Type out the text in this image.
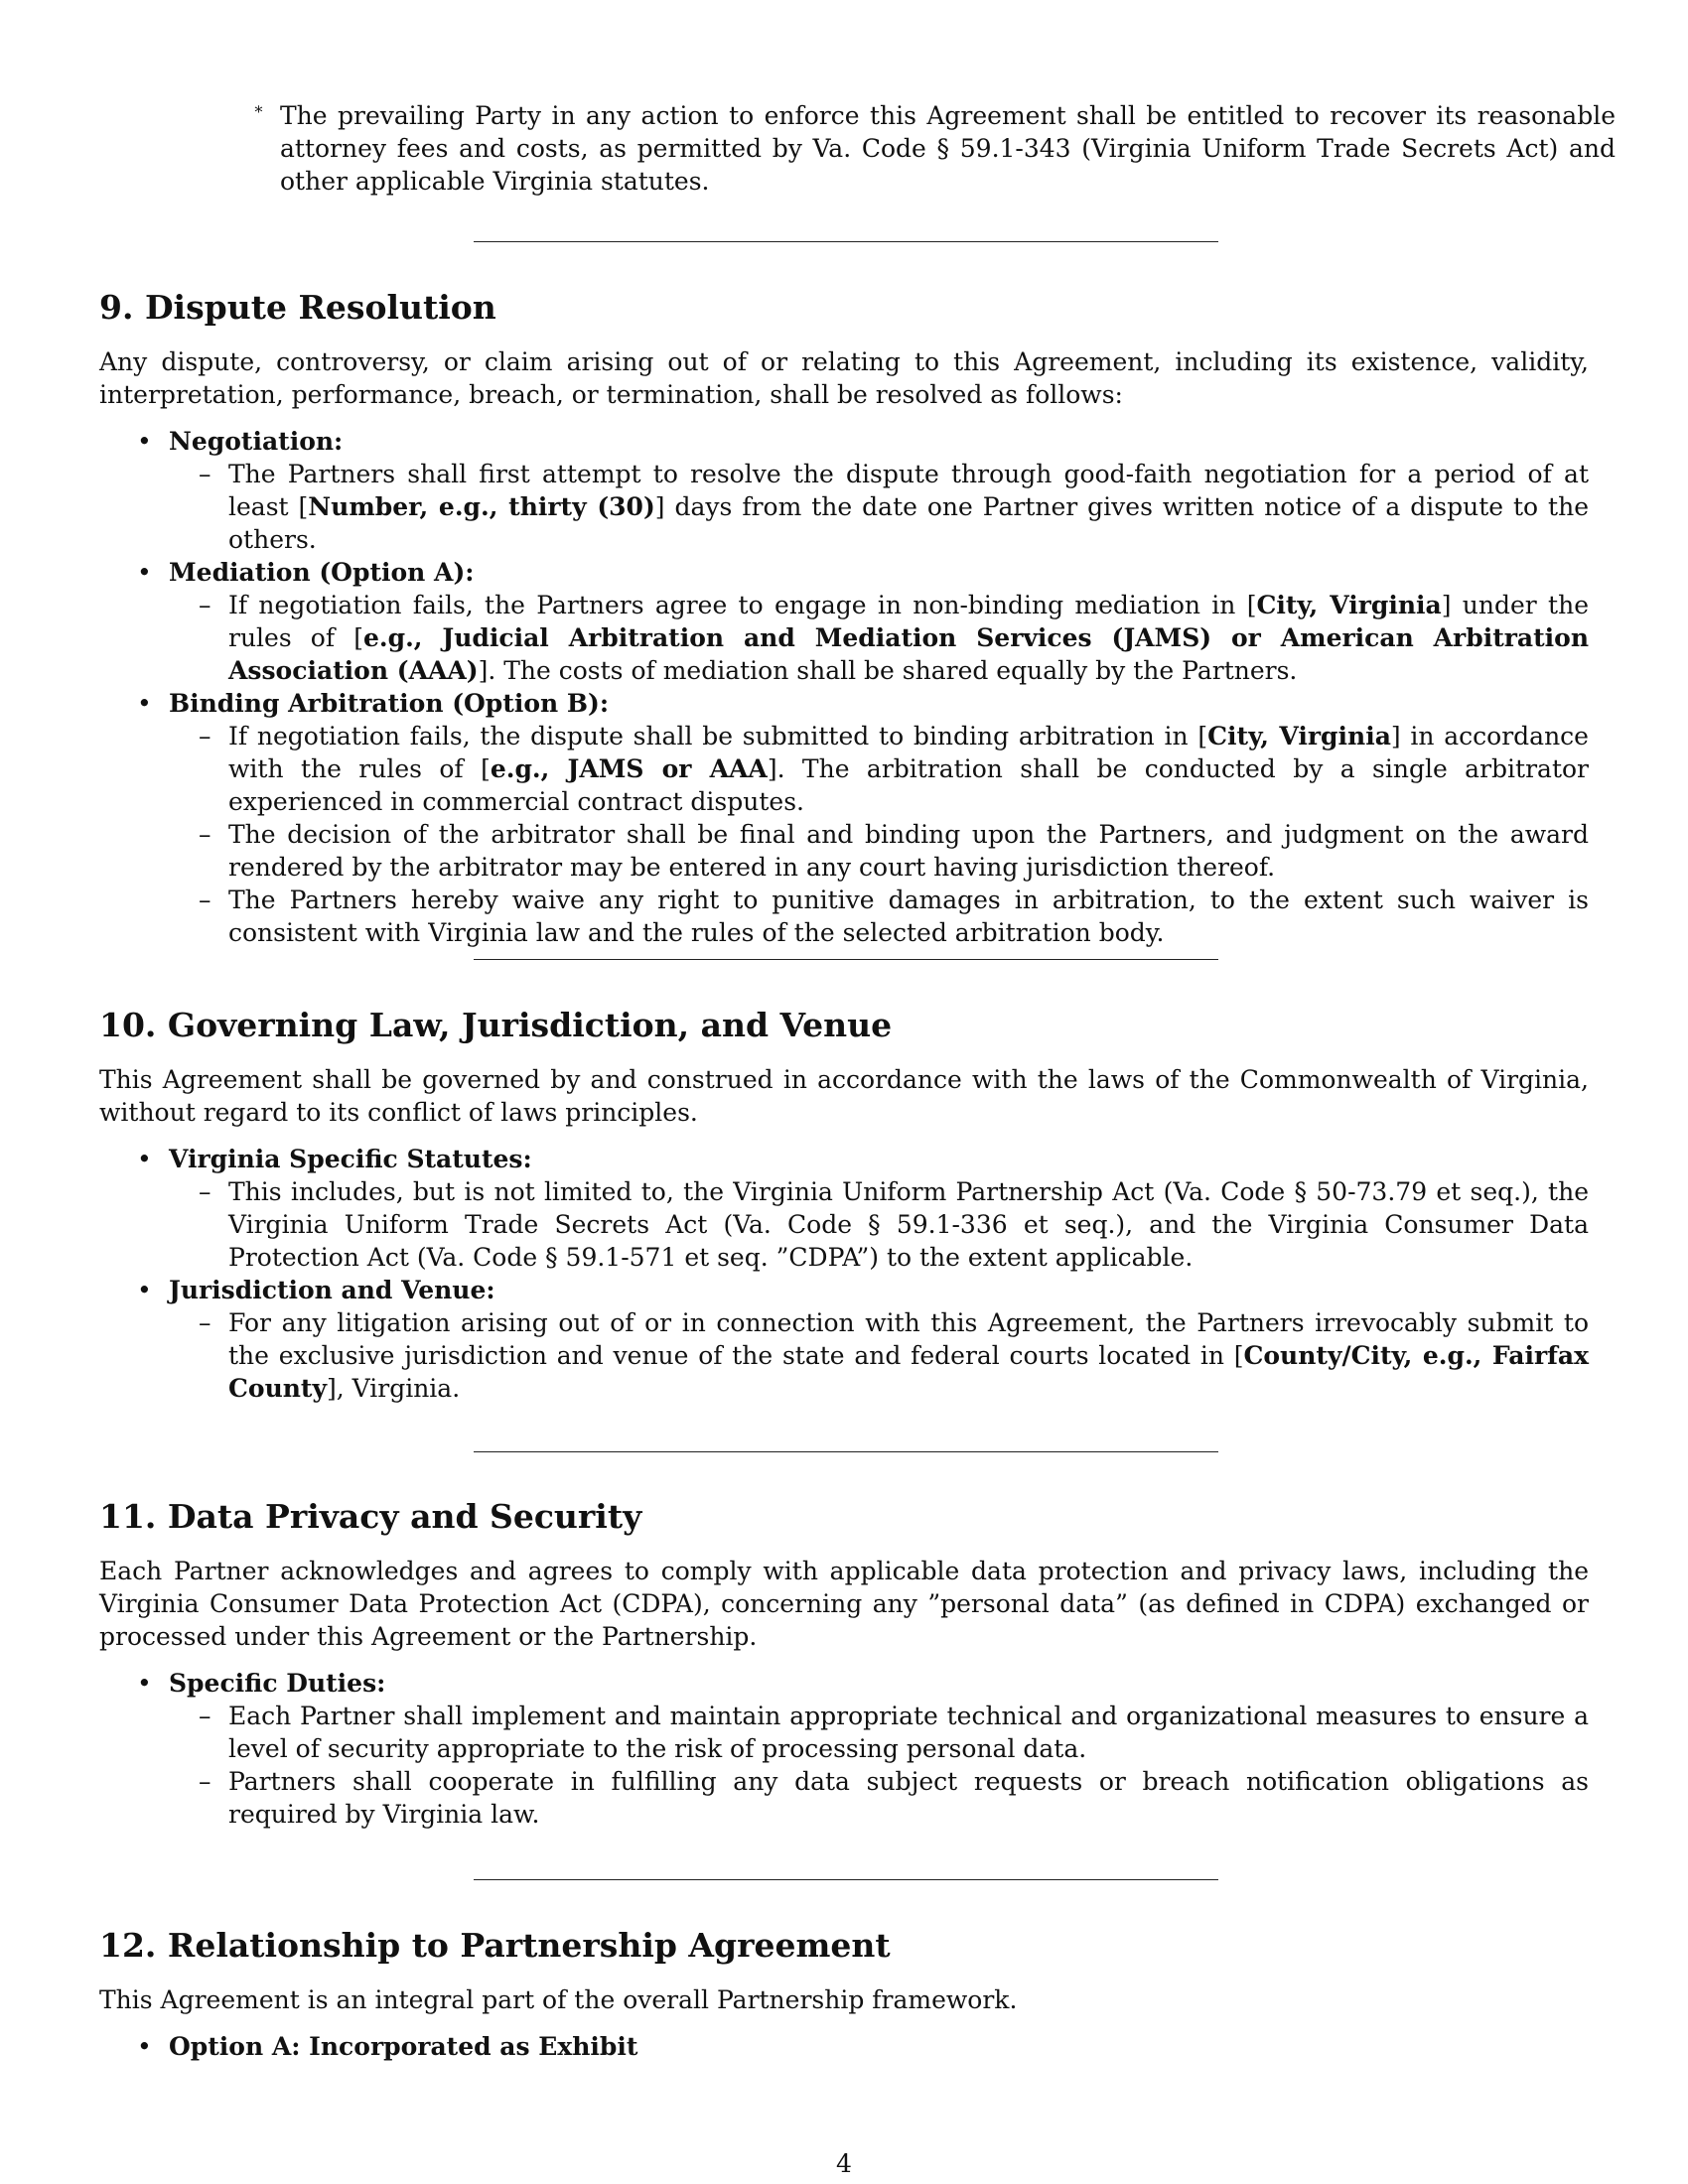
∗ The prevailing Party in any action to enforce this Agreement shall be entitled to recover its reasonable attorney fees and costs, as permitted by Va. Code § 59.1-343 (Virginia Uniform Trade Secrets Act) and other applicable Virginia statutes.

9. Dispute Resolution

Any dispute, controversy, or claim arising out of or relating to this Agreement, including its existence, validity, interpretation, performance, breach, or termination, shall be resolved as follows:

• Negotiation:
– The Partners shall first attempt to resolve the dispute through good-faith negotiation for a period of at least [Number, e.g., thirty (30)] days from the date one Partner gives written notice of a dispute to the others.
• Mediation (Option A):
– If negotiation fails, the Partners agree to engage in non-binding mediation in [City, Virginia] under the rules of [e.g., Judicial Arbitration and Mediation Services (JAMS) or American Arbitration Association (AAA)]. The costs of mediation shall be shared equally by the Partners.
• Binding Arbitration (Option B):
– If negotiation fails, the dispute shall be submitted to binding arbitration in [City, Virginia] in accordance with the rules of [e.g., JAMS or AAA]. The arbitration shall be conducted by a single arbitrator experienced in commercial contract disputes.
– The decision of the arbitrator shall be final and binding upon the Partners, and judgment on the award rendered by the arbitrator may be entered in any court having jurisdiction thereof.
– The Partners hereby waive any right to punitive damages in arbitration, to the extent such waiver is consistent with Virginia law and the rules of the selected arbitration body.
10. Governing Law, Jurisdiction, and Venue

This Agreement shall be governed by and construed in accordance with the laws of the Commonwealth of Virginia, without regard to its conflict of laws principles.

• Virginia Specific Statutes:
– This includes, but is not limited to, the Virginia Uniform Partnership Act (Va. Code § 50-73.79 et seq.), the Virginia Uniform Trade Secrets Act (Va. Code § 59.1-336 et seq.), and the Virginia Consumer Data Protection Act (Va. Code § 59.1-571 et seq. ”CDPA”) to the extent applicable.
• Jurisdiction and Venue:
– For any litigation arising out of or in connection with this Agreement, the Partners irrevocably submit to the exclusive jurisdiction and venue of the state and federal courts located in [County/City, e.g., Fairfax County], Virginia.
11. Data Privacy and Security

Each Partner acknowledges and agrees to comply with applicable data protection and privacy laws, including the Virginia Consumer Data Protection Act (CDPA), concerning any ”personal data” (as defined in CDPA) exchanged or processed under this Agreement or the Partnership.

• Specific Duties:
– Each Partner shall implement and maintain appropriate technical and organizational measures to ensure a level of security appropriate to the risk of processing personal data.
– Partners shall cooperate in fulfilling any data subject requests or breach notification obligations as required by Virginia law.
12. Relationship to Partnership Agreement

This Agreement is an integral part of the overall Partnership framework.

• Option A: Incorporated as Exhibit
4
